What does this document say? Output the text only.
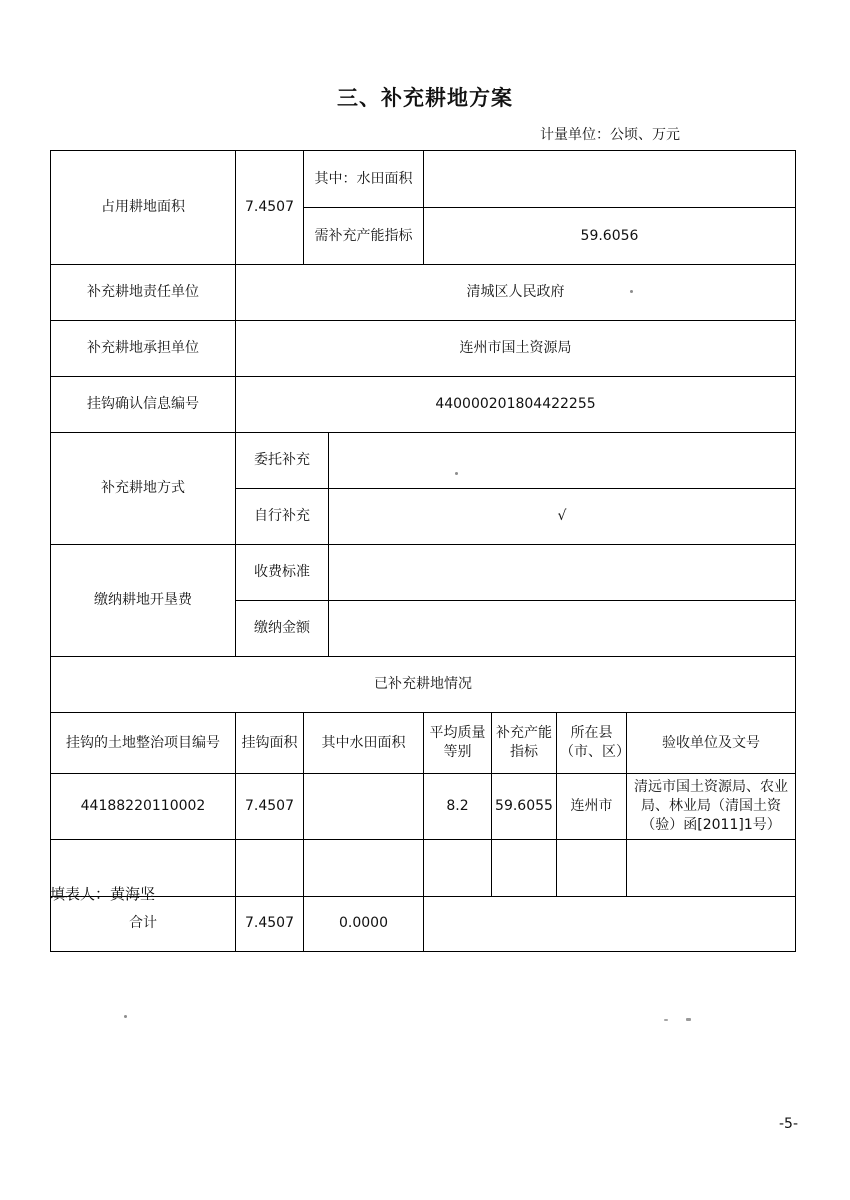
三、补充耕地方案
计量单位：公顷、万元
占用耕地面积	7.4507	其中：水田面积					
		需补充产能指标		59.6056			
补充耕地责任单位	清城区人民政府						
补充耕地承担单位	连州市国土资源局						
挂钩确认信息编号	440000201804422255						
补充耕地方式	委托补充						
	自行补充		√				
缴纳耕地开垦费	收费标准						
	缴纳金额						
已补充耕地情况							
挂钩的土地整治项目编号	挂钩面积	其中水田面积		平均质量等别	补充产能指标	所在县（市、区）	验收单位及文号
44188220110002	7.4507			8.2	59.6055	连州市	清远市国土资源局、农业局、林业局（清国土资（验）函[2011]1号）

合计	7.4507	0.0000					
填表人：黄海坚
-5-
